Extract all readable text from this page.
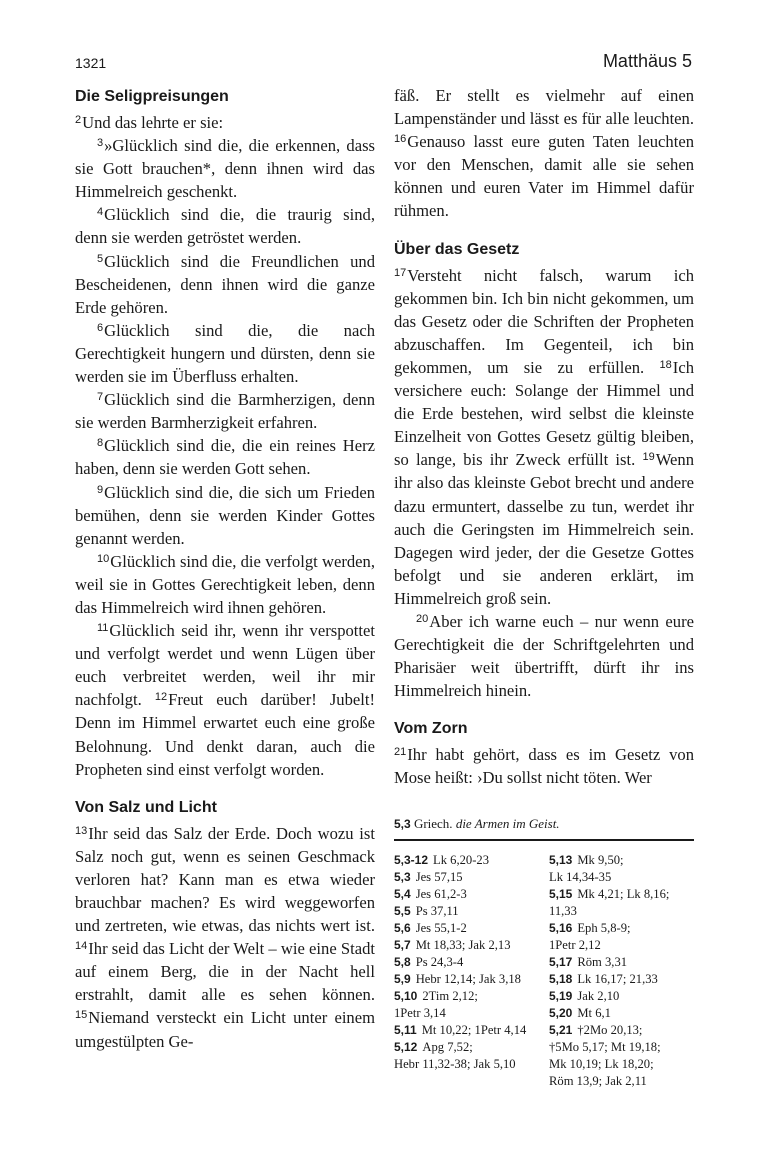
1321	Matthäus 5
Die Seligpreisungen

$^2$Und das lehrte er sie:

$^3$»Glücklich sind die, die erkennen, dass sie Gott brauchen*, denn ihnen wird das Himmelreich geschenkt.

$^4$Glücklich sind die, die traurig sind, denn sie werden getröstet werden.

$^5$Glücklich sind die Freundlichen und Bescheidenen, denn ihnen wird die ganze Erde gehören.

$^6$Glücklich sind die, die nach Gerechtigkeit hungern und dürsten, denn sie werden sie im Überfluss erhalten.

$^7$Glücklich sind die Barmherzigen, denn sie werden Barmherzigkeit erfahren.

$^8$Glücklich sind die, die ein reines Herz haben, denn sie werden Gott sehen.

$^9$Glücklich sind die, die sich um Frieden bemühen, denn sie werden Kinder Gottes genannt werden.

$^{10}$Glücklich sind die, die verfolgt werden, weil sie in Gottes Gerechtigkeit leben, denn das Himmelreich wird ihnen gehören.

$^{11}$Glücklich seid ihr, wenn ihr verspottet und verfolgt werdet und wenn Lügen über euch verbreitet werden, weil ihr mir nachfolgt. $^{12}$Freut euch darüber! Jubelt! Denn im Himmel erwartet euch eine große Belohnung. Und denkt daran, auch die Propheten sind einst verfolgt worden.

Von Salz und Licht

$^{13}$Ihr seid das Salz der Erde. Doch wozu ist Salz noch gut, wenn es seinen Geschmack verloren hat? Kann man es etwa wieder brauchbar machen? Es wird weggeworfen und zertreten, wie etwas, das nichts wert ist. $^{14}$Ihr seid das Licht der Welt – wie eine Stadt auf einem Berg, die in der Nacht hell erstrahlt, damit alle es sehen können. $^{15}$Niemand versteckt ein Licht unter einem umgestülpten Ge-

fäß. Er stellt es vielmehr auf einen Lampenständer und lässt es für alle leuchten. $^{16}$Genauso lasst eure guten Taten leuchten vor den Menschen, damit alle sie sehen können und euren Vater im Himmel dafür rühmen.

Über das Gesetz

$^{17}$Versteht nicht falsch, warum ich gekommen bin. Ich bin nicht gekommen, um das Gesetz oder die Schriften der Propheten abzuschaffen. Im Gegenteil, ich bin gekommen, um sie zu erfüllen. $^{18}$Ich versichere euch: Solange der Himmel und die Erde bestehen, wird selbst die kleinste Einzelheit von Gottes Gesetz gültig bleiben, so lange, bis ihr Zweck erfüllt ist. $^{19}$Wenn ihr also das kleinste Gebot brecht und andere dazu ermuntert, dasselbe zu tun, werdet ihr auch die Geringsten im Himmelreich sein. Dagegen wird jeder, der die Gesetze Gottes befolgt und sie anderen erklärt, im Himmelreich groß sein.

$^{20}$Aber ich warne euch – nur wenn eure Gerechtigkeit die der Schriftgelehrten und Pharisäer weit übertrifft, dürft ihr ins Himmelreich hinein.

Vom Zorn

$^{21}$Ihr habt gehört, dass es im Gesetz von Mose heißt: ›Du sollst nicht töten. Wer

5,3 Griech. die Armen im Geist.
5,3-12 Lk 6,20-23
5,3 Jes 57,15
5,4 Jes 61,2-3
5,5 Ps 37,11
5,6 Jes 55,1-2
5,7 Mt 18,33; Jak 2,13
5,8 Ps 24,3-4
5,9 Hebr 12,14; Jak 3,18
5,10 2Tim 2,12;
1Petr 3,14
5,11 Mt 10,22; 1Petr 4,14
5,12 Apg 7,52;
Hebr 11,32-38; Jak 5,10
5,13 Mk 9,50;
Lk 14,34-35
5,15 Mk 4,21; Lk 8,16;
11,33
5,16 Eph 5,8-9;
1Petr 2,12
5,17 Röm 3,31
5,18 Lk 16,17; 21,33
5,19 Jak 2,10
5,20 Mt 6,1
5,21 †2Mo 20,13;
†5Mo 5,17; Mt 19,18;
Mk 10,19; Lk 18,20;
Röm 13,9; Jak 2,11
